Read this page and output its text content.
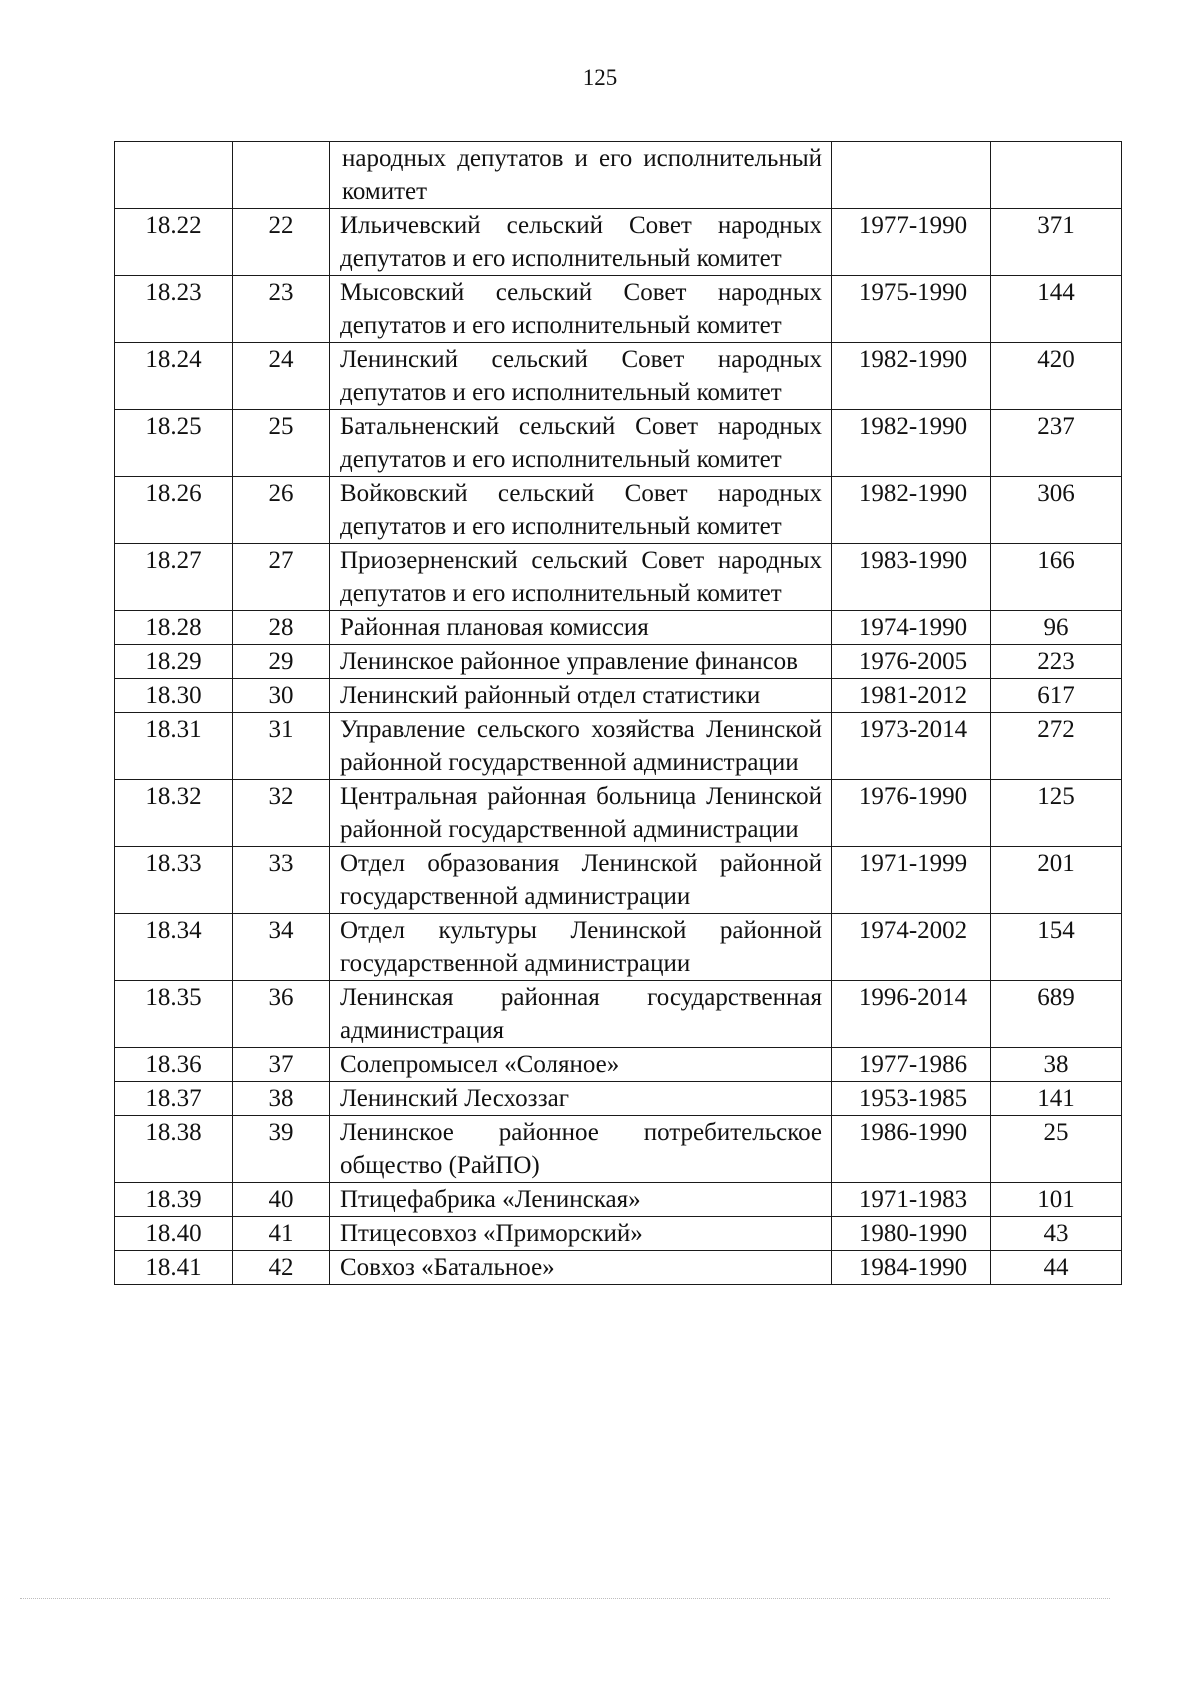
125
		народных депутатов и его исполнительный комитет		
18.22	22	Ильичевский сельский Совет народных депутатов и его исполнительный комитет	1977-1990	371
18.23	23	Мысовский сельский Совет народных депутатов и его исполнительный комитет	1975-1990	144
18.24	24	Ленинский сельский Совет народных депутатов и его исполнительный комитет	1982-1990	420
18.25	25	Батальненский сельский Совет народных депутатов и его исполнительный комитет	1982-1990	237
18.26	26	Войковский сельский Совет народных депутатов и его исполнительный комитет	1982-1990	306
18.27	27	Приозерненский сельский Совет народных депутатов и его исполнительный комитет	1983-1990	166
18.28	28	Районная плановая комиссия	1974-1990	96
18.29	29	Ленинское районное управление финансов	1976-2005	223
18.30	30	Ленинский районный отдел статистики	1981-2012	617
18.31	31	Управление сельского хозяйства Ленинской районной государственной администрации	1973-2014	272
18.32	32	Центральная районная больница Ленинской районной государственной администрации	1976-1990	125
18.33	33	Отдел образования Ленинской районной государственной администрации	1971-1999	201
18.34	34	Отдел культуры Ленинской районной государственной администрации	1974-2002	154
18.35	36	Ленинская районная государственная администрация	1996-2014	689
18.36	37	Солепромысел «Соляное»	1977-1986	38
18.37	38	Ленинский Лесхоззаг	1953-1985	141
18.38	39	Ленинское районное потребительское общество (РайПО)	1986-1990	25
18.39	40	Птицефабрика «Ленинская»	1971-1983	101
18.40	41	Птицесовхоз «Приморский»	1980-1990	43
18.41	42	Совхоз «Батальное»	1984-1990	44
